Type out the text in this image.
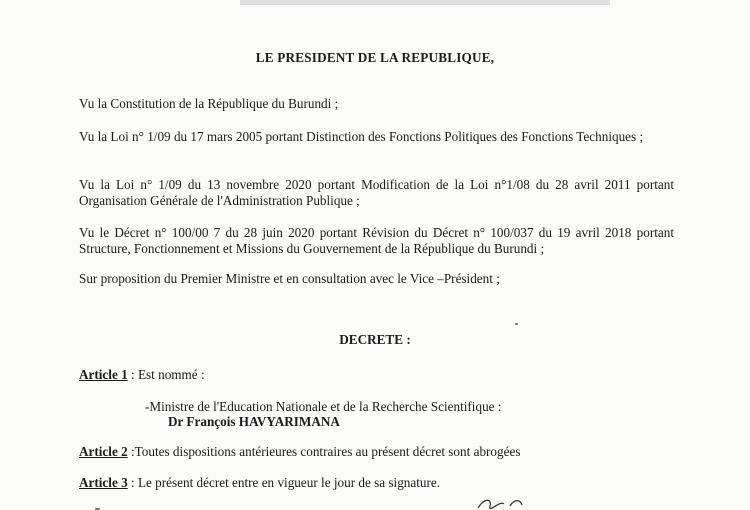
LE PRESIDENT DE LA REPUBLIQUE,
Vu la Constitution de la République du Burundi ;
Vu la Loi n° 1/09 du 17 mars 2005 portant Distinction des Fonctions Politiques des Fonctions Techniques ;
Vu la Loi n° 1/09 du 13 novembre 2020 portant Modification de la Loi n°1/08 du 28 avril 2011 portant Organisation Générale de l'Administration Publique ;
Vu le Décret n° 100/00 7 du 28 juin 2020 portant Révision du Décret n° 100/037 du 19 avril 2018 portant Structure, Fonctionnement et Missions du Gouvernement de la République du Burundi ;
Sur proposition du Premier Ministre et en consultation avec le Vice –Président ;
DECRETE :
Article 1 : Est nommé :
-Ministre de l'Education Nationale et de la Recherche Scientifique :
Dr François HAVYARIMANA
Article 2 :Toutes dispositions antérieures contraires au présent décret sont abrogées
Article 3 : Le présent décret entre en vigueur le jour de sa signature.
